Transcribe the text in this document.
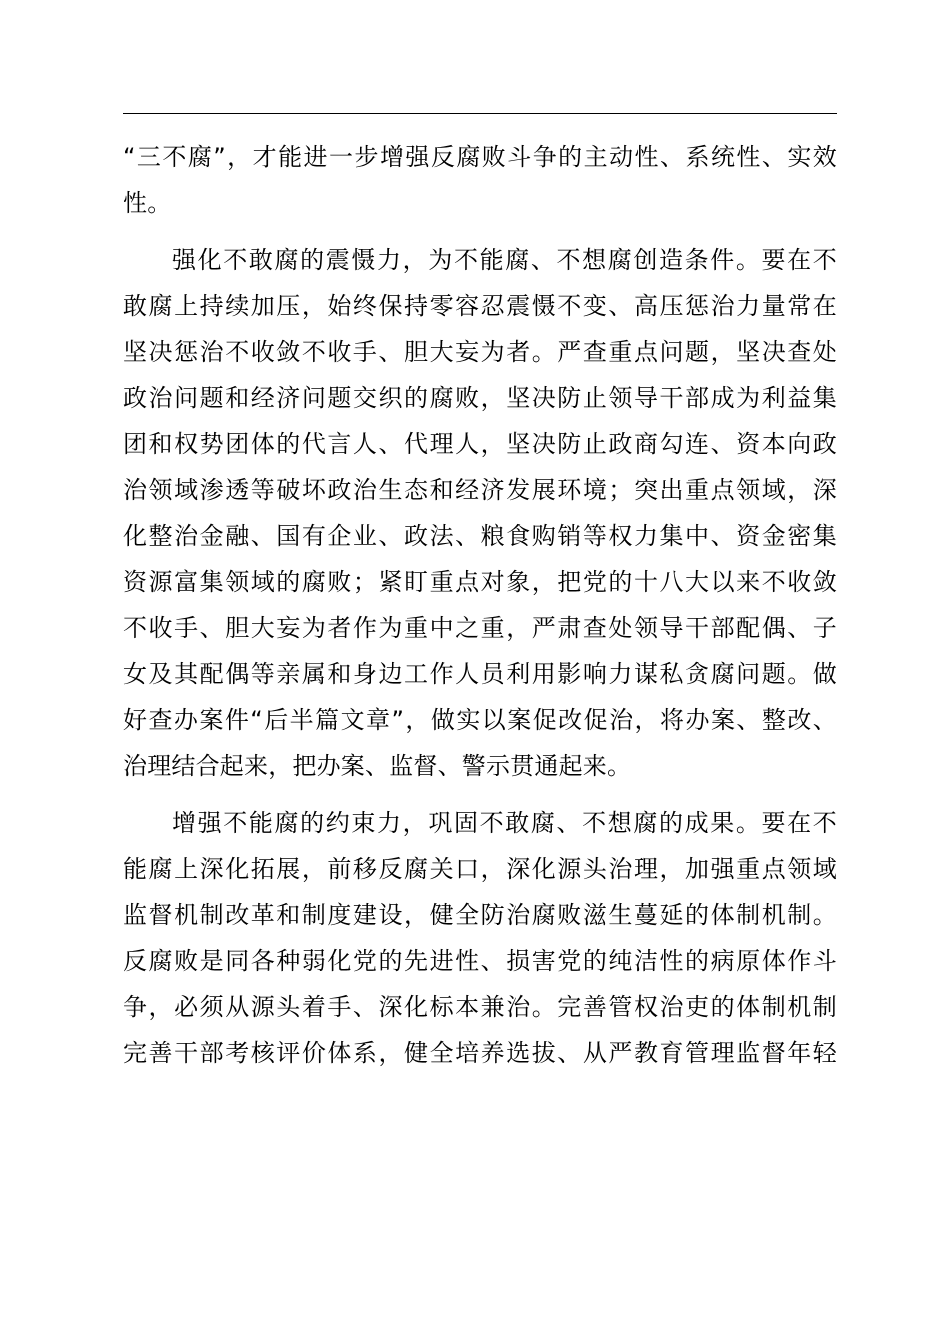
“三不腐”，才能进一步增强反腐败斗争的主动性、系统性、实效
性。
强化不敢腐的震慑力，为不能腐、不想腐创造条件。要在不
敢腐上持续加压，始终保持零容忍震慑不变、高压惩治力量常在
坚决惩治不收敛不收手、胆大妄为者。严查重点问题，坚决查处
政治问题和经济问题交织的腐败，坚决防止领导干部成为利益集
团和权势团体的代言人、代理人，坚决防止政商勾连、资本向政
治领域渗透等破坏政治生态和经济发展环境；突出重点领域，深
化整治金融、国有企业、政法、粮食购销等权力集中、资金密集
资源富集领域的腐败；紧盯重点对象，把党的十八大以来不收敛
不收手、胆大妄为者作为重中之重，严肃查处领导干部配偶、子
女及其配偶等亲属和身边工作人员利用影响力谋私贪腐问题。做
好查办案件“后半篇文章”，做实以案促改促治，将办案、整改、
治理结合起来，把办案、监督、警示贯通起来。
增强不能腐的约束力，巩固不敢腐、不想腐的成果。要在不
能腐上深化拓展，前移反腐关口，深化源头治理，加强重点领域
监督机制改革和制度建设，健全防治腐败滋生蔓延的体制机制。
反腐败是同各种弱化党的先进性、损害党的纯洁性的病原体作斗
争，必须从源头着手、深化标本兼治。完善管权治吏的体制机制
完善干部考核评价体系，健全培养选拔、从严教育管理监督年轻
